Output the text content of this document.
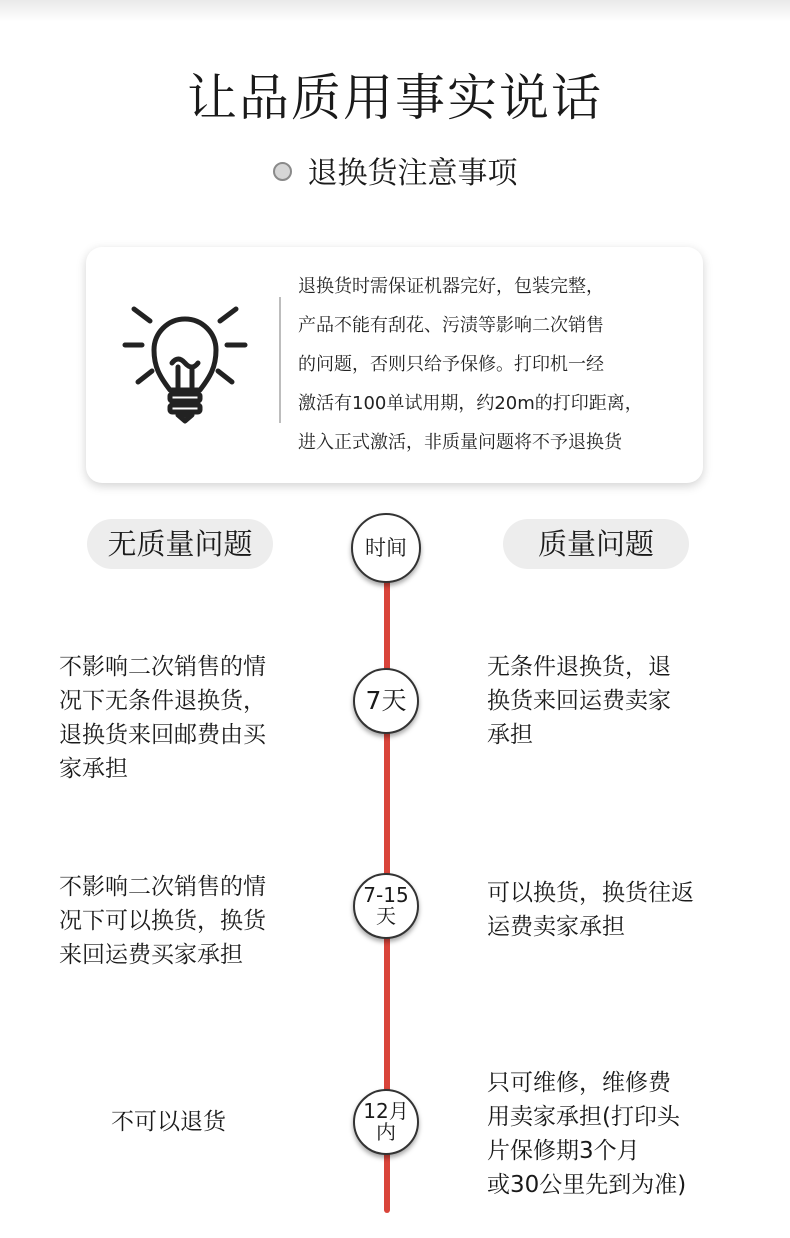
让品质用事实说话
退换货注意事项
退换货时需保证机器完好，包装完整，
产品不能有刮花、污渍等影响二次销售
的问题，否则只给予保修。打印机一经
激活有100单试用期，约20m的打印距离，
进入正式激活，非质量问题将不予退换货
无质量问题	质量问题
时间
7天
不影响二次销售的情
况下无条件退换货，
退换货来回邮费由买
家承担
无条件退换货，退
换货来回运费卖家
承担
7-15
天
不影响二次销售的情
况下可以换货，换货
来回运费买家承担
可以换货，换货往返
运费卖家承担
12月
内
不可以退货
只可维修，维修费
用卖家承担(打印头
片保修期3个月
或30公里先到为准)
